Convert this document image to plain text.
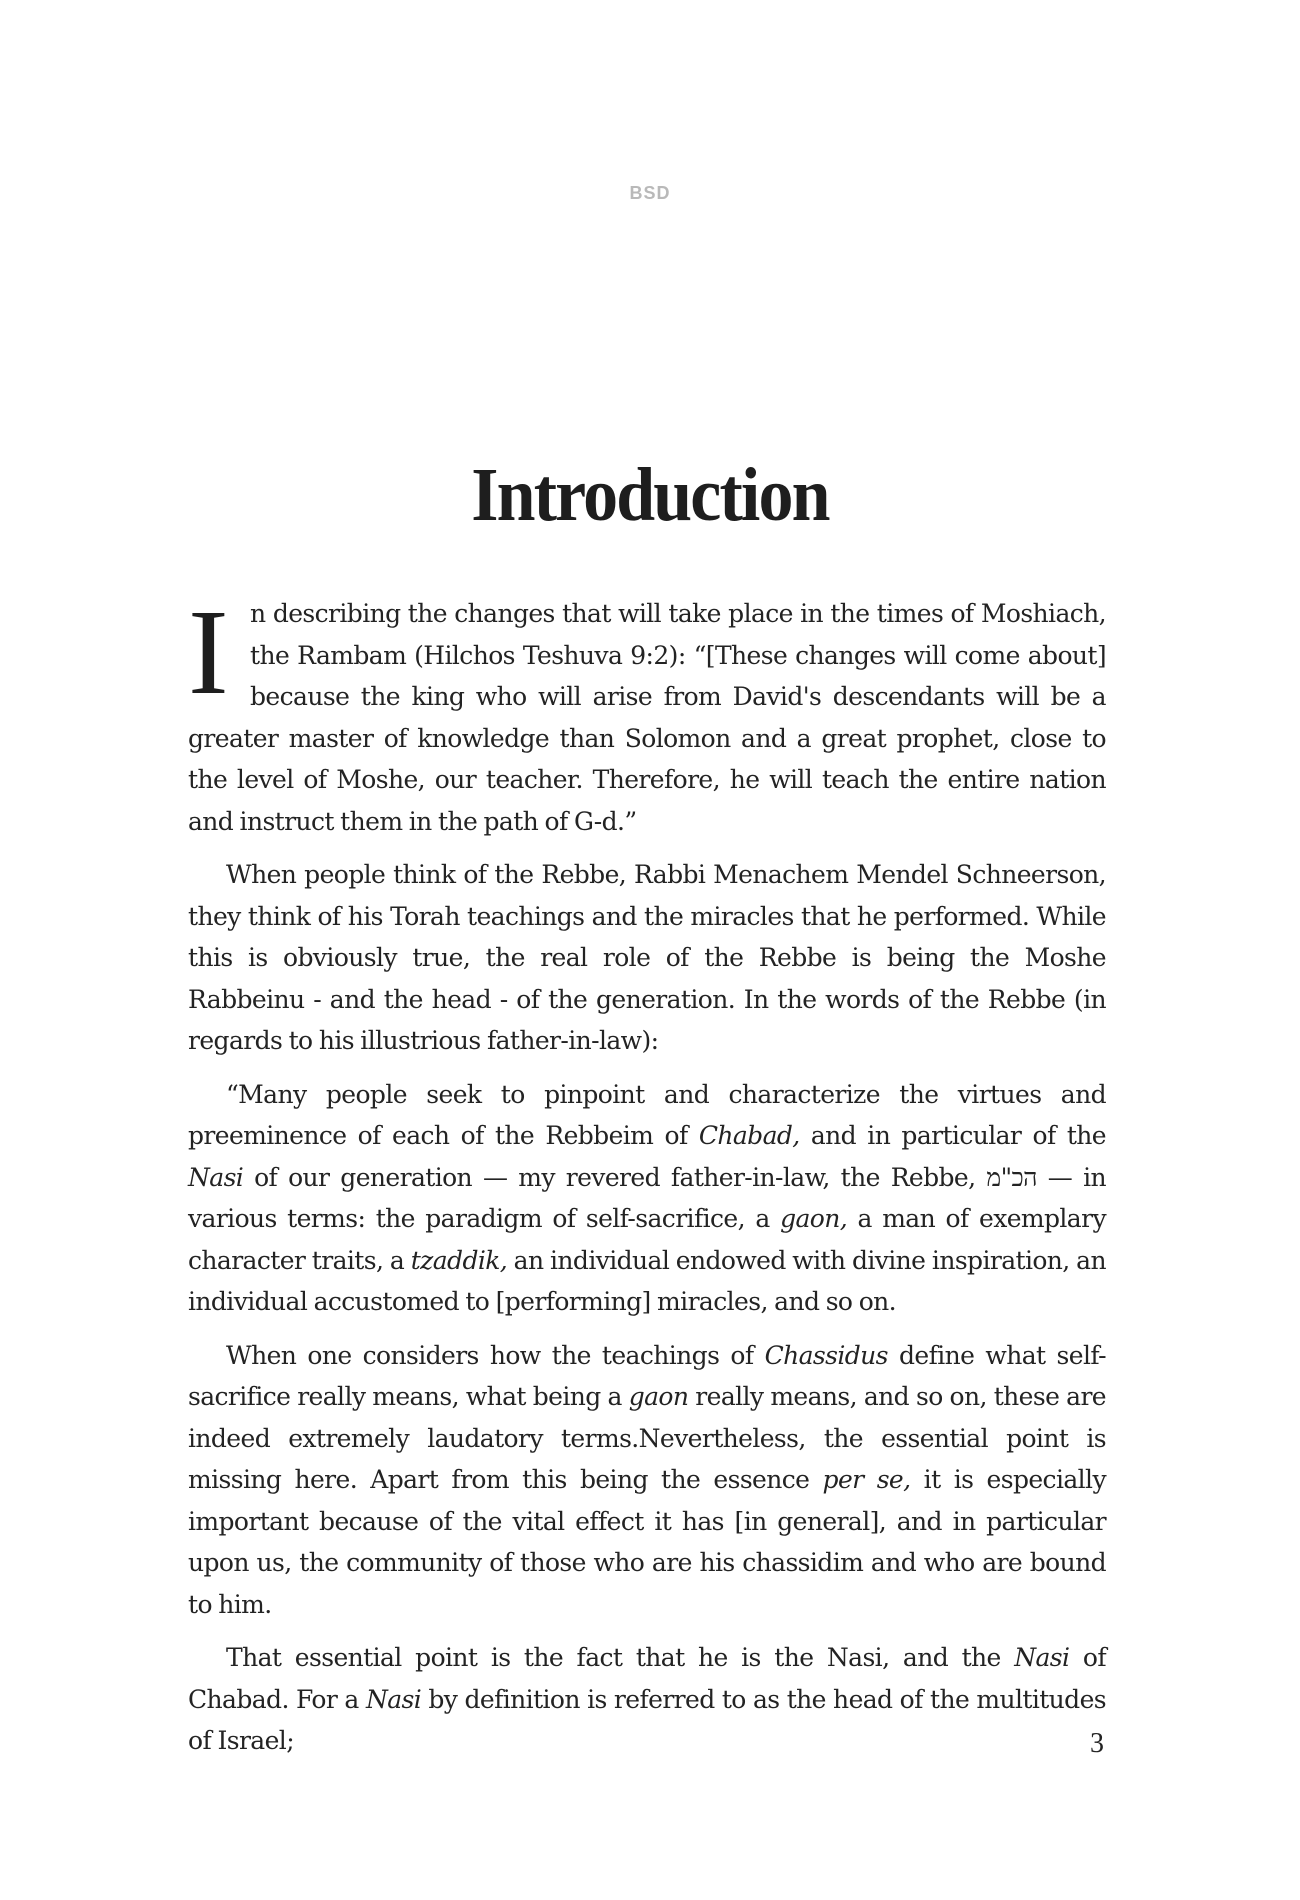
BSD
Introduction

In describing the changes that will take place in the times of Moshiach, the Rambam (Hilchos Teshuva 9:2): “[These changes will come about] because the king who will arise from David's descendants will be a greater master of knowledge than Solomon and a great prophet, close to the level of Moshe, our teacher. Therefore, he will teach the entire nation and instruct them in the path of G-d.”

When people think of the Rebbe, Rabbi Menachem Mendel Schneerson, they think of his Torah teachings and the miracles that he performed. While this is obviously true, the real role of the Rebbe is being the Moshe Rabbeinu - and the head - of the generation. In the words of the Rebbe (in regards to his illustrious father-in-law):

“Many people seek to pinpoint and characterize the virtues and preeminence of each of the Rebbeim of Chabad, and in particular of the Nasi of our generation — my revered father-in-law, the Rebbe, הכ"מ — in various terms: the paradigm of self-sacrifice, a gaon, a man of exemplary character traits, a tzaddik, an individual endowed with divine inspiration, an individual accustomed to [performing] miracles, and so on.

When one considers how the teachings of Chassidus define what self-sacrifice really means, what being a gaon really means, and so on, these are indeed extremely laudatory terms.Nevertheless, the essential point is missing here. Apart from this being the essence per se, it is especially important because of the vital effect it has [in general], and in particular upon us, the community of those who are his chassidim and who are bound to him.

That essential point is the fact that he is the Nasi, and the Nasi of Chabad. For a Nasi by definition is referred to as the head of the multitudes of Israel;	3
